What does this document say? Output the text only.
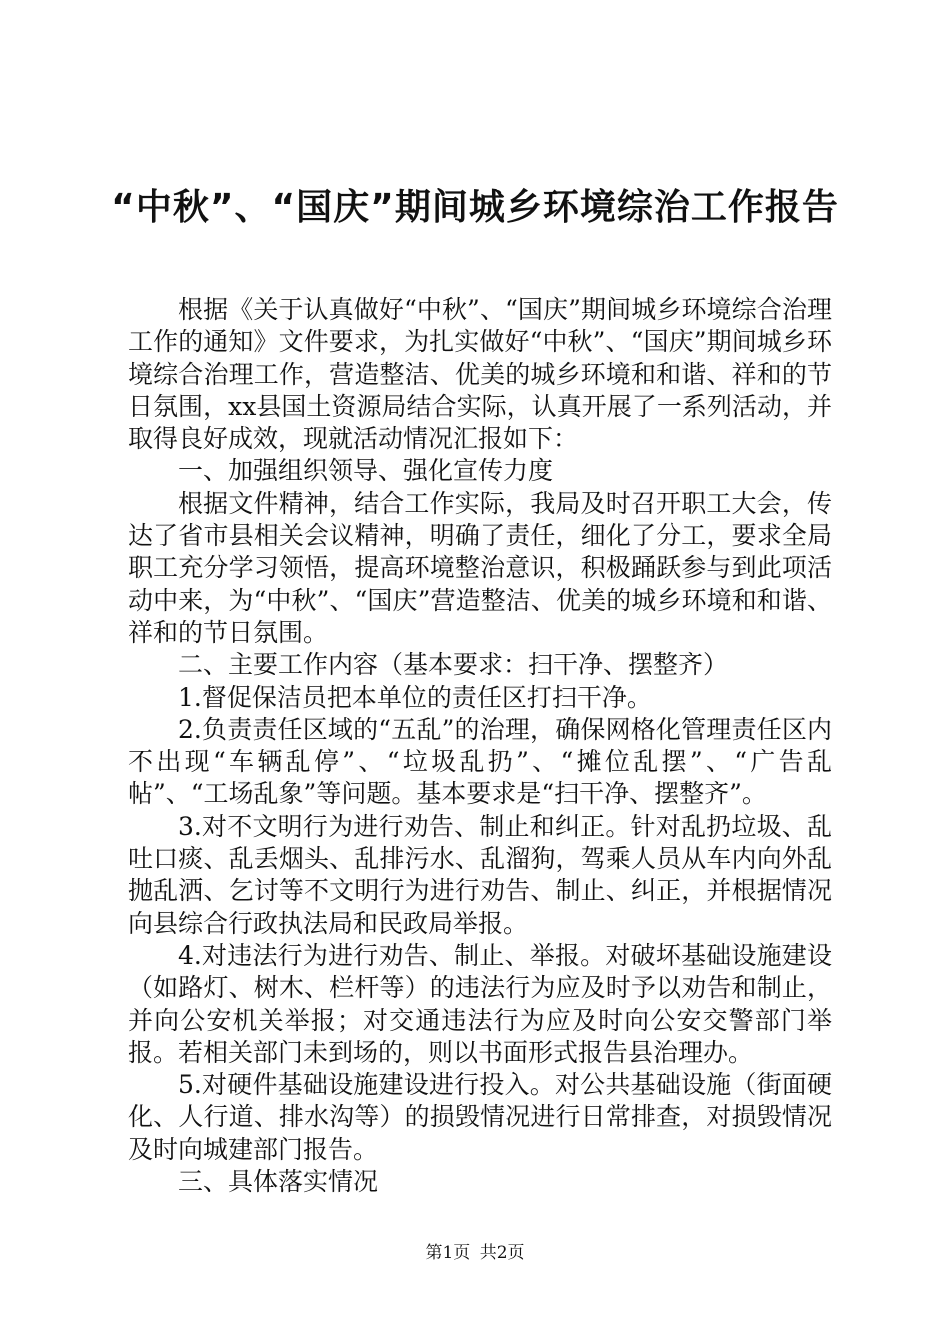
“中秋”、“国庆”期间城乡环境综治工作报告

根据《关于认真做好“中秋”、“国庆”期间城乡环境综合治理工作的通知》文件要求，为扎实做好“中秋”、“国庆”期间城乡环境综合治理工作，营造整洁、优美的城乡环境和和谐、祥和的节日氛围，xx县国土资源局结合实际，认真开展了一系列活动，并取得良好成效，现就活动情况汇报如下：

一、加强组织领导、强化宣传力度

根据文件精神，结合工作实际，我局及时召开职工大会，传达了省市县相关会议精神，明确了责任，细化了分工，要求全局职工充分学习领悟，提高环境整治意识，积极踊跃参与到此项活动中来，为“中秋”、“国庆”营造整洁、优美的城乡环境和和谐、祥和的节日氛围。

二、主要工作内容（基本要求：扫干净、摆整齐）

1.督促保洁员把本单位的责任区打扫干净。

2.负责责任区域的“五乱”的治理，确保网格化管理责任区内不出现“车辆乱停”、“垃圾乱扔”、“摊位乱摆”、“广告乱帖”、“工场乱象”等问题。基本要求是“扫干净、摆整齐”。

3.对不文明行为进行劝告、制止和纠正。针对乱扔垃圾、乱吐口痰、乱丢烟头、乱排污水、乱溜狗，驾乘人员从车内向外乱抛乱洒、乞讨等不文明行为进行劝告、制止、纠正，并根据情况向县综合行政执法局和民政局举报。

4.对违法行为进行劝告、制止、举报。对破坏基础设施建设（如路灯、树木、栏杆等）的违法行为应及时予以劝告和制止，并向公安机关举报；对交通违法行为应及时向公安交警部门举报。若相关部门未到场的，则以书面形式报告县治理办。

5.对硬件基础设施建设进行投入。对公共基础设施（街面硬化、人行道、排水沟等）的损毁情况进行日常排查，对损毁情况及时向城建部门报告。

三、具体落实情况

第1页 共2页
